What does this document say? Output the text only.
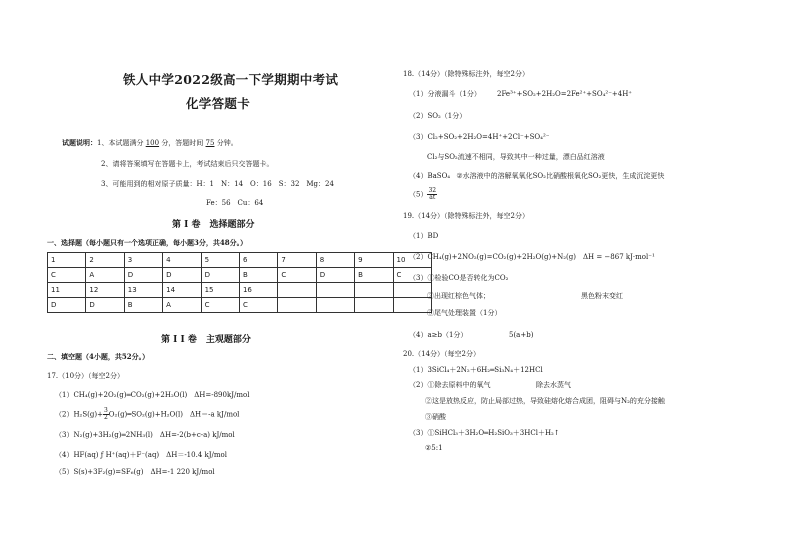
铁人中学2022级高一下学期期中考试
化学答题卡
试题说明：1、本试题满分 100 分，答题时间 75 分钟。
2、请将答案填写在答题卡上，考试结束后只交答题卡。
3、可能用到的相对原子质量：H：1　N：14　O：16　S：32　Mg：24
Fe：56　Cu：64
第 I 卷　选择题部分
一、选择题（每小题只有一个选项正确，每小题3分，共48分。）
1	2	3	4	5	6	7	8	9	10
C	A	D	D	D	B	C	D	B	C
11	12	13	14	15	16				
D	D	B	A	C	C				
第 I I 卷　主观题部分
二、填空题（4小题，共52分。）
17.（10分）（每空2分）
（1）CH₄(g)+2O₂(g)═CO₂(g)+2H₂O(l)　ΔH=-890kJ/mol
$(2)H_2S(g)+ \frac{3}{2}$ O₂(g)═SO₂(g)+H₂O(l)　ΔH＝-a kJ/mol
（3）N₂(g)+3H₂(g)═2NH₃(l)　ΔH=-2(b+c-a) kJ/mol
（4）HF(aq) ƒ H⁺(aq)＋F⁻(aq)　ΔH＝-10.4 kJ/mol
（5）S(s)+3F₂(g)=SF₆(g)　ΔH=-1 220 kJ/mol
18.（14分）（除特殊标注外，每空2分）
（1）分液漏斗（1分） 2Fe³⁺+SO₂+2H₂O=2Fe²⁺+SO₄²⁻+4H⁺
（2）SO₂（1分）
（3）Cl₂+SO₂+2H₂O=4H⁺+2Cl⁻+SO₄²⁻
Cl₂与SO₂流速不相同，导致其中一种过量，漂白品红溶液
（4）BaSO₄ ②水溶液中的溶解氧氧化SO₂比硝酸根氧化SO₂更快，生成沉淀更快
$(5) \frac{32}{at}$
19.（14分）（除特殊标注外，每空2分）
（1）BD
（2）CH₄(g)+2NO₂(g)=CO₂(g)+2H₂O(g)+N₂(g)　ΔH = −867 kJ·mol⁻¹
（3）①检验CO是否转化为CO₂
②出现红棕色气体；	黑色粉末变红
③尾气处理装置（1分）
（4）a≥b（1分）	5(a+b)
20.（14分）（每空2分）
（1）3SiCl₄＋2N₂＋6H₂═Si₃N₄＋12HCl
（2）①除去原料中的氧气	除去水蒸气
②这是放热反应，防止局部过热，导致硅熔化熔合成团，阻碍与N₂的充分接触
③硝酸
（3）①SiHCl₃＋3H₂O═H₂SiO₃＋3HCl＋H₂↑
②5:1
